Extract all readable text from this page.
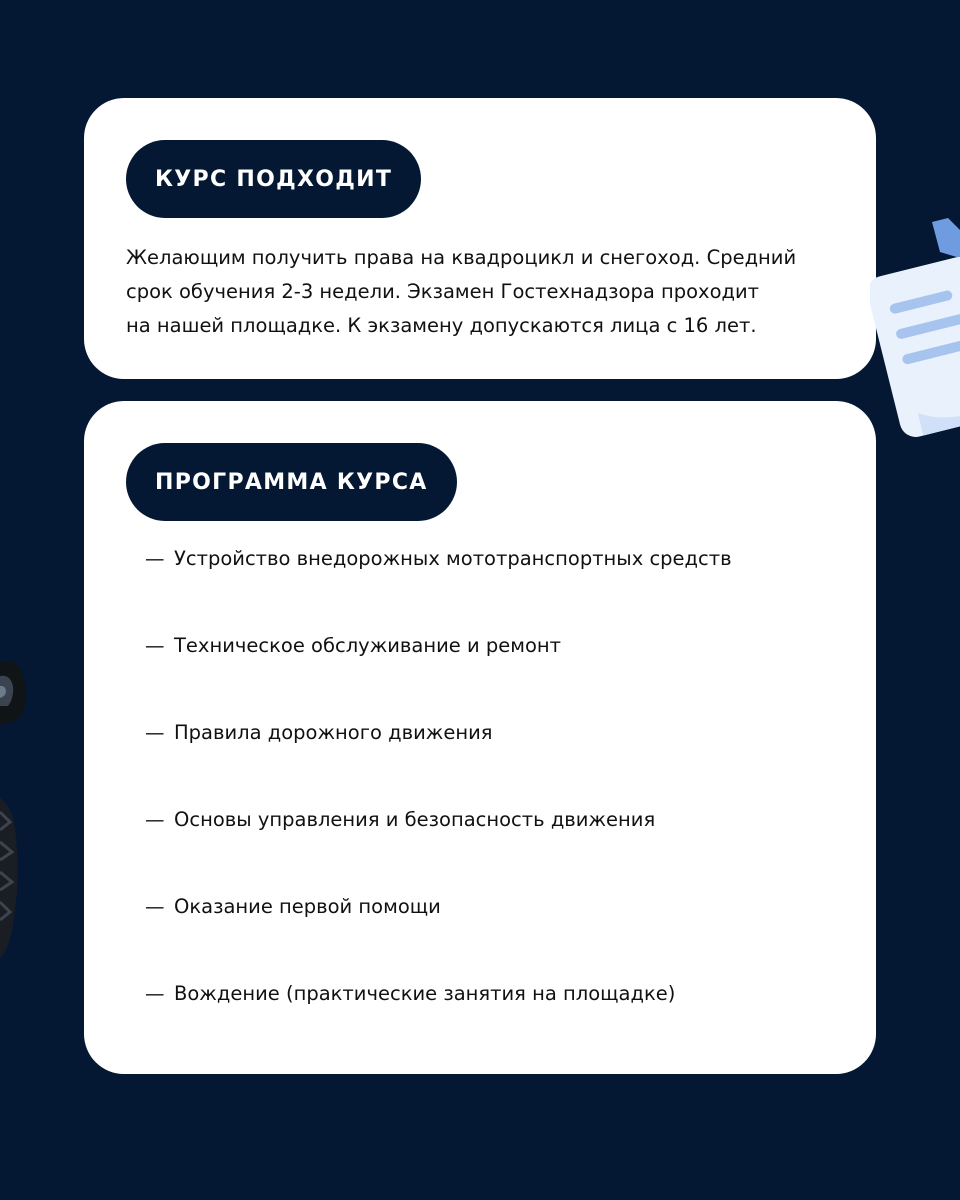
КУРС ПОДХОДИТ

Желающим получить права на квадроцикл и снегоход. Средний
срок обучения 2-3 недели. Экзамен Гостехнадзора проходит
на нашей площадке. К экзамену допускаются лица с 16 лет.

ПРОГРАММА КУРСА
— Устройство внедорожных мототранспортных средств
— Техническое обслуживание и ремонт
— Правила дорожного движения
— Основы управления и безопасность движения
— Оказание первой помощи
— Вождение (практические занятия на площадке)
